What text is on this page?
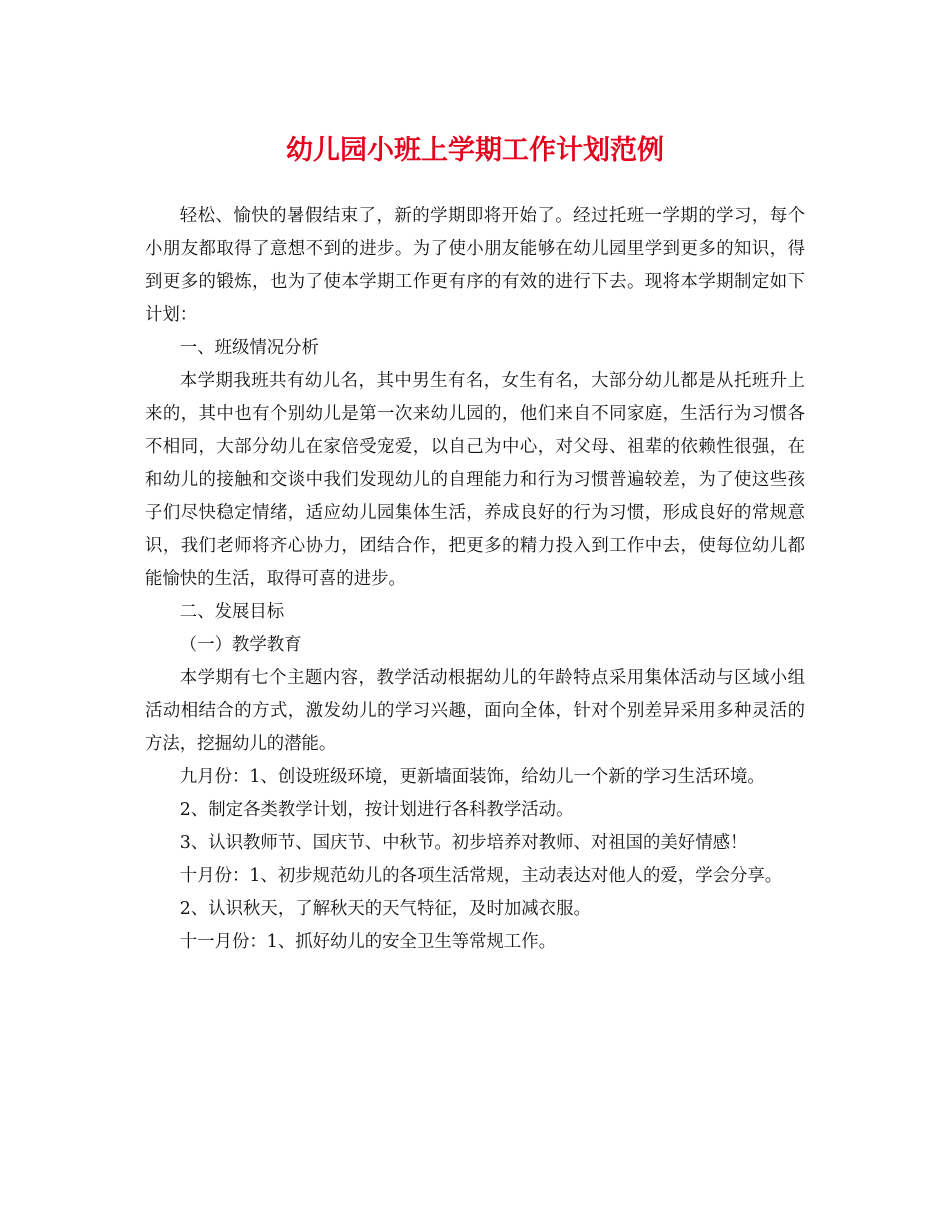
幼儿园小班上学期工作计划范例

轻松、愉快的暑假结束了，新的学期即将开始了。经过托班一学期的学习，每个小朋友都取得了意想不到的进步。为了使小朋友能够在幼儿园里学到更多的知识，得到更多的锻炼，也为了使本学期工作更有序的有效的进行下去。现将本学期制定如下计划：

一、班级情况分析

本学期我班共有幼儿名，其中男生有名，女生有名，大部分幼儿都是从托班升上来的，其中也有个别幼儿是第一次来幼儿园的，他们来自不同家庭，生活行为习惯各不相同，大部分幼儿在家倍受宠爱，以自己为中心，对父母、祖辈的依赖性很强，在和幼儿的接触和交谈中我们发现幼儿的自理能力和行为习惯普遍较差，为了使这些孩子们尽快稳定情绪，适应幼儿园集体生活，养成良好的行为习惯，形成良好的常规意识，我们老师将齐心协力，团结合作，把更多的精力投入到工作中去，使每位幼儿都能愉快的生活，取得可喜的进步。

二、发展目标

（一）教学教育

本学期有七个主题内容，教学活动根据幼儿的年龄特点采用集体活动与区域小组活动相结合的方式，激发幼儿的学习兴趣，面向全体，针对个别差异采用多种灵活的方法，挖掘幼儿的潜能。

九月份：1、创设班级环境，更新墙面装饰，给幼儿一个新的学习生活环境。

2、制定各类教学计划，按计划进行各科教学活动。

3、认识教师节、国庆节、中秋节。初步培养对教师、对祖国的美好情感！

十月份：1、初步规范幼儿的各项生活常规，主动表达对他人的爱，学会分享。

2、认识秋天，了解秋天的天气特征，及时加减衣服。

十一月份：1、抓好幼儿的安全卫生等常规工作。
